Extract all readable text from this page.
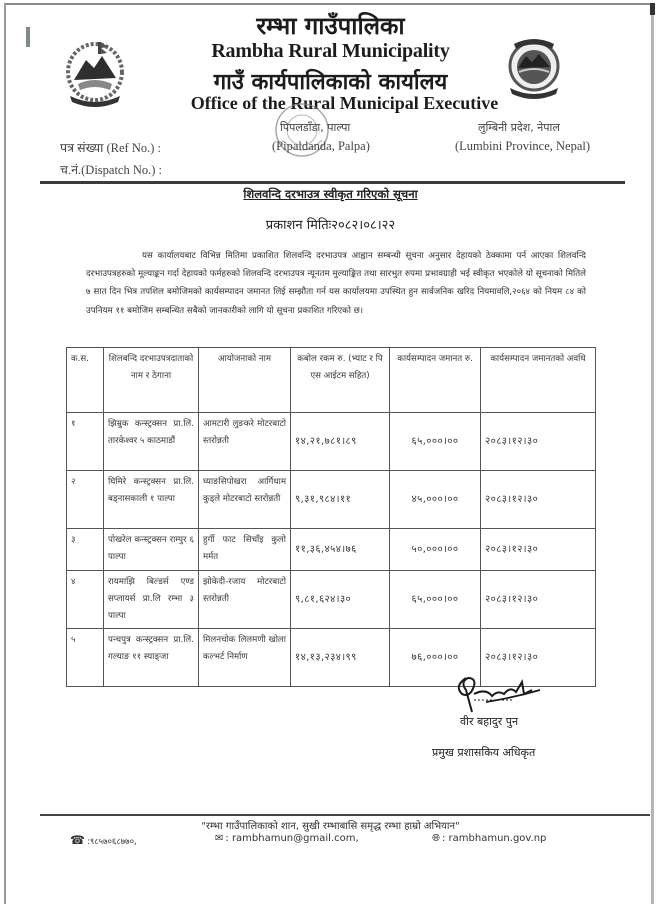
रम्भा गाउँपालिका
Rambha Rural Municipality
गाउँ कार्यपालिकाको कार्यालय
Office of the Rural Municipal Executive
पिपलडाँडा, पाल्पा
(Pipaldanda, Palpa)
लुम्बिनी प्रदेश, नेपाल
(Lumbini Province, Nepal)
पत्र संख्या (Ref No.) :
च.नं.(Dispatch No.) :
शिलवन्दि दरभाउत्र स्वीकृत गरिएको सूचना
प्रकाशन मितिः२०८२।०८।२२
यस कार्यालयबाट विभिन्न मितिमा प्रकाशित शिलवन्दि दरभाउपत्र आह्वान सम्बन्धी सूचना अनुसार देहायको ठेक्कामा पर्न आएका शिलवन्दि दरभाउपत्रहरुको मूल्याङ्कन गर्दा देहायको फर्महरुको शिलवन्दि दरभाउपत्र न्यूनतम मुल्याङ्कित तथा सारभुत रुपमा प्रभावग्राही भई स्वीकृत भएकोले यो सूचनाको मितिले ७ सात दिन भित्र तपशिल बमोजिमको कार्यसम्पादन जमानत लिई सम्झौता गर्न यस कार्यालयमा उपस्थित हुन सार्वजनिक खरिद नियमावलि,२०६४ को नियम ८४ को उपनियम ११ बमोजिम सम्बन्धित सबैको जानकारीको लागि यो सूचना प्रकाशित गरिएको छ।
क.स.	शिलबन्दि दरभाउपत्रदाताको नाम र ठेगाना	आयोजनाको नाम	कबोल रकम रु. (भ्याट र पि एस आईटम सहित)	कार्यसम्पादन जमानत रु.	कार्यसम्पादन जमानतको अवधि
१	झिम्रुक कन्स्ट्रक्सन प्रा.लि. तारकेश्वर ५ काठमाडौं	आमटारी लुङकरे मोटरबाटो स्तरोन्नती	१४,२१,७८१।८९	६५,०००।००	२०८३।१२।३०
२	घिमिरे कन्स्ट्रक्सन प्रा.लि. बड्नासकाली १ पाल्पा	घ्याङसिपोखरा आर्गिधाम कुड्ले मोटरबाटो स्तरोन्नती	९,३१,९८४।११	४५,०००।००	२०८३।१२।३०
३	पोखरेल कन्स्ट्रक्सन राम्पुर ६ पाल्पा	हुर्गी फाट सिचाँइ कुलो मर्मत	११,३६,४५४।७६	५०,०००।००	२०८३।१२।३०
४	रायमाझि बिल्डर्स एण्ड सप्लायर्स प्रा.लि रम्भा ३ पाल्पा	झोकेदी-रजाय मोटरबाटो स्तरोन्नती	९,८१,६२४।३०	६५,०००।००	२०८३।१२।३०
५	पन्चपुत्र कन्स्ट्रक्सन प्रा.लि. गल्याङ ११ स्याङ्जा	मिलनचोक लिलमणी खोला कल्भर्ट निर्माण	१४,१३,२३४।९९	७६,०००।००	२०८३।१२।३०
वीर बहादुर पुन
प्रमुख प्रशासकिय अधिकृत
"रम्भा गाउँपालिकाको शान, सुखी रम्भाबासि समृद्ध रम्भा हाम्रो अभियान"
☎ :९८५७०६८७७०,	✉ : rambhamun@gmail.com,	🌐︎ : rambhamun.gov.np
